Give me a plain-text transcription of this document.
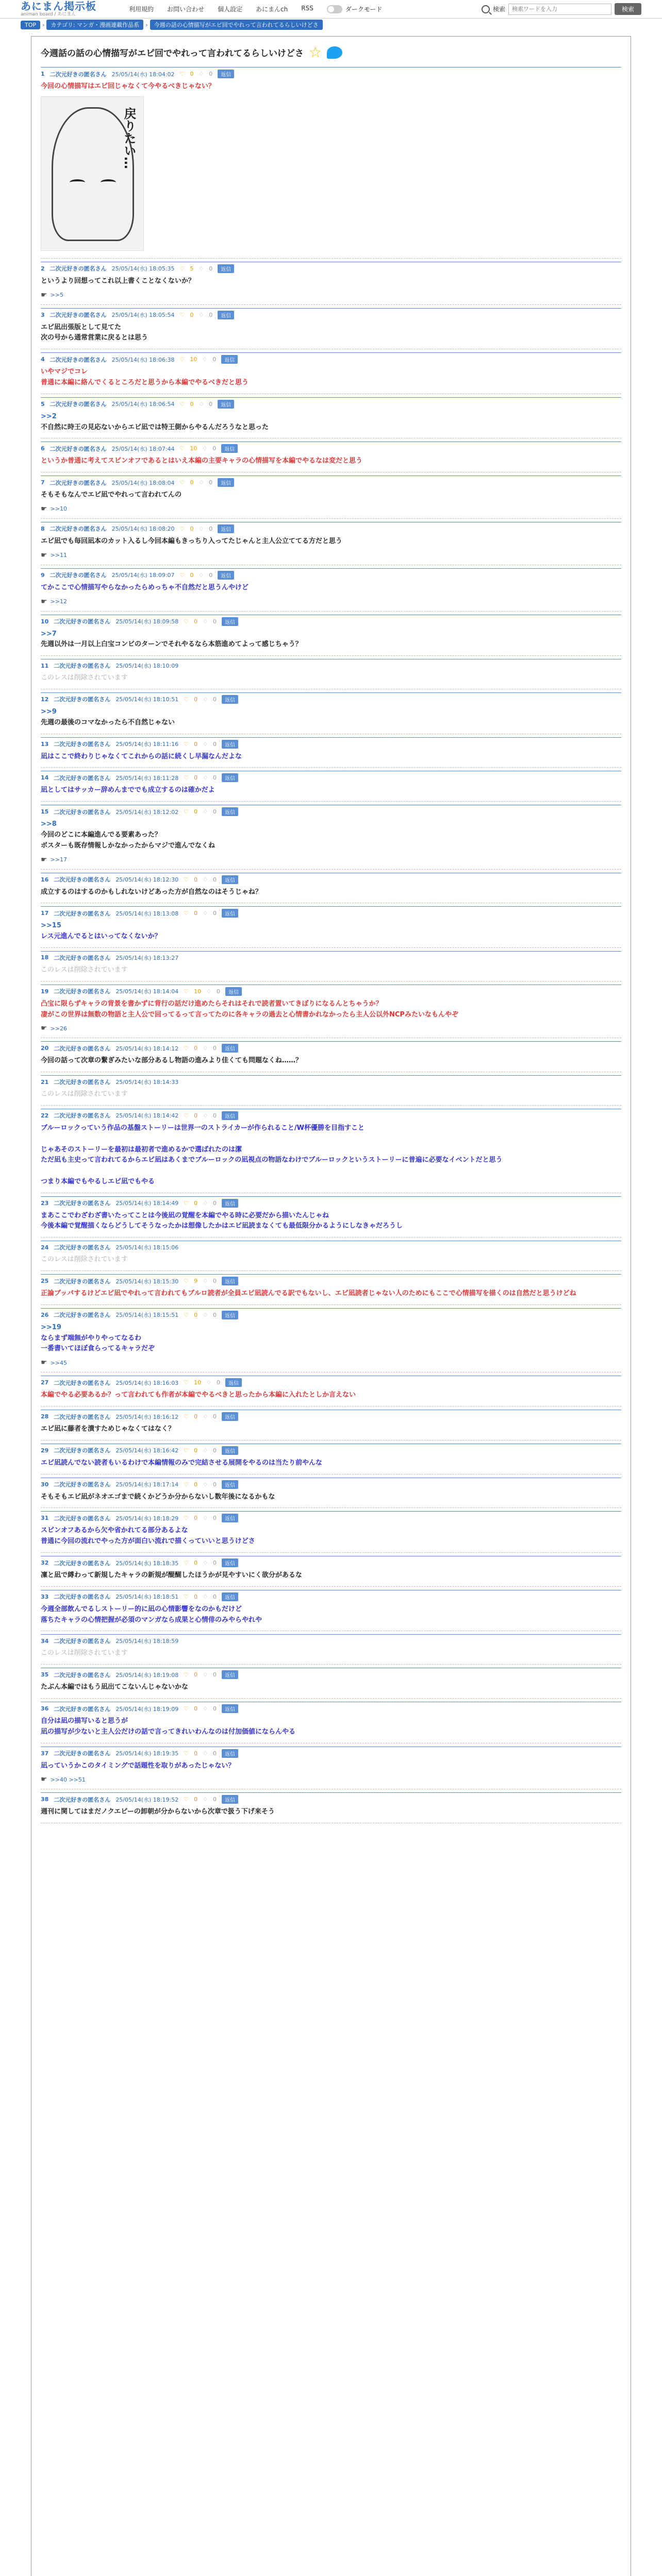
あにまん掲示板
animan board / あにまん
利用規約 お問い合わせ 個人設定 あにまんch RSS	ダークモード	検索
検索ワードを入力	検索
TOP	›	カテゴリ: マンガ・漫画連載作品系	›	今週の話の心情描写がエピ回でやれって言われてるらしいけどさ
今週話の話の心情描写がエピ回でやれって言われてるらしいけどさ ☆
1 二次元好きの匿名さん 25/05/14(水) 18:04:02 ♡ 0 ♢ 0	返信
今回の心情描写はエピ回じゃなくて今やるべきじゃない？
戻りたい…
2 二次元好きの匿名さん 25/05/14(水) 18:05:35 ♡ 5 ♢ 0	返信
というより回想ってこれ以上書くことなくないか？
☛ >>5
3 二次元好きの匿名さん 25/05/14(水) 18:05:54 ♡ 0 ♢ 0	返信
エピ凪出張版として見てた
次の号から通常営業に戻るとは思う
4 二次元好きの匿名さん 25/05/14(水) 18:06:38 ♡ 10 ♢ 0	返信
いやマジでコレ
普通に本編に絡んでくるところだと思うから本編でやるべきだと思う
5 二次元好きの匿名さん 25/05/14(水) 18:06:54 ♡ 0 ♢ 0	返信
>>2
不自然に時王の見応ないからエピ凪では特王側からやるんだろうなと思った
6 二次元好きの匿名さん 25/05/14(水) 18:07:44 ♡ 10 ♢ 0	返信
というか普通に考えてスピンオフであるとはいえ本編の主要キャラの心情描写を本編でやるなは変だと思う
7 二次元好きの匿名さん 25/05/14(水) 18:08:04 ♡ 0 ♢ 0	返信
そもそもなんでエピ凪でやれって言われてんの
☛ >>10
8 二次元好きの匿名さん 25/05/14(水) 18:08:20 ♡ 0 ♢ 0	返信
エピ凪でも毎回凪本のカット入るし今回本編もきっちり入ってたじゃんと主人公立ててる方だと思う
☛ >>11
9 二次元好きの匿名さん 25/05/14(水) 18:09:07 ♡ 0 ♢ 0	返信
てかここで心情描写やらなかったらめっちゃ不自然だと思うんやけど
☛ >>12
10 二次元好きの匿名さん 25/05/14(水) 18:09:58 ♡ 0 ♢ 0	返信
>>7
先週以外は一月以上白宝コンビのターンでそれやるなら本筋進めてよって感じちゃう？
11 二次元好きの匿名さん 25/05/14(水) 18:10:09
このレスは削除されています
12 二次元好きの匿名さん 25/05/14(水) 18:10:51 ♡ 0 ♢ 0	返信
>>9
先週の最後のコマなかったら不自然じゃない
13 二次元好きの匿名さん 25/05/14(水) 18:11:16 ♡ 0 ♢ 0	返信
凪はここで終わりじゃなくてこれからの話に続くし早漏なんだよな
14 二次元好きの匿名さん 25/05/14(水) 18:11:28 ♡ 0 ♢ 0	返信
凪としてはサッカー辞めんまででも成立するのは確かだよ
15 二次元好きの匿名さん 25/05/14(水) 18:12:02 ♡ 0 ♢ 0	返信
>>8
今回のどこに本編進んでる要素あった？
ボスターも既存情報しかなかったからマジで進んでなくね
☛ >>17
16 二次元好きの匿名さん 25/05/14(水) 18:12:30 ♡ 0 ♢ 0	返信
成立するのはするのかもしれないけどあった方が自然なのはそうじゃね？
17 二次元好きの匿名さん 25/05/14(水) 18:13:08 ♡ 0 ♢ 0	返信
>>15
レス元進んでるとはいってなくないか？
18 二次元好きの匿名さん 25/05/14(水) 18:13:27
このレスは削除されています
19 二次元好きの匿名さん 25/05/14(水) 18:14:04 ♡ 10 ♢ 0	返信
凸宝に限らずキャラの背景を書かずに背行の話だけ進めたらそれはそれで読者置いてきぼりになるんとちゃうか？
凄がこの世界は無数の物語と主人公で回ってるって言ってたのに各キャラの過去と心情書かれなかったら主人公以外NCPみたいなもんやぞ
☛ >>26
20 二次元好きの匿名さん 25/05/14(水) 18:14:12 ♡ 0 ♢ 0	返信
今回の話って次章の繋ぎみたいな部分あるし物語の進みより佳くても問題なくね……？
21 二次元好きの匿名さん 25/05/14(水) 18:14:33
このレスは削除されています
22 二次元好きの匿名さん 25/05/14(水) 18:14:42 ♡ 0 ♢ 0	返信
ブルーロックっていう作品の基盤ストーリーは世界一のストライカーが作られること/W杯優勝を目指すこと

じゃあそのストーリーを最初は最初者で進めるかで選ばれたのは潔
ただ凪も主史って言われてるからエピ凪はあくまでブルーロックの凪視点の物語なわけでブルーロックというストーリーに普遍に必要なイベントだと思う

つまり本編でもやるしエピ凪でもやる
23 二次元好きの匿名さん 25/05/14(水) 18:14:49 ♡ 0 ♢ 0	返信
まあここでわざわざ書いたってことは今後凪の覚醒を本編でやる時に必要だから描いたんじゃね
今後本編で覚醒描くならどうしてそうなったかは想像したかはエピ凪読まなくても最低限分かるようにしなきゃだろうし
24 二次元好きの匿名さん 25/05/14(水) 18:15:06
このレスは削除されています
25 二次元好きの匿名さん 25/05/14(水) 18:15:30 ♡ 9 ♢ 0	返信
正論ブッパするけどエピ凪でやれって言われてもブルロ読者が全員エピ凪読んでる訳でもないし、エピ凪読者じゃない人のためにもここで心情描写を描くのは自然だと思うけどね
26 二次元好きの匿名さん 25/05/14(水) 18:15:51 ♡ 0 ♢ 0	返信
>>19
ならまず端無がやりやってなるわ
一番書いてほぼ食らってるキャラだぞ
☛ >>45
27 二次元好きの匿名さん 25/05/14(水) 18:16:03 ♡ 10 ♢ 0	返信
本編でやる必要あるか？って言われても作者が本編でやるべきと思ったから本編に入れたとしか言えない
28 二次元好きの匿名さん 25/05/14(水) 18:16:12 ♡ 0 ♢ 0	返信
エピ凪に藤者を潰すためじゃなくてはなく？
29 二次元好きの匿名さん 25/05/14(水) 18:16:42 ♡ 0 ♢ 0	返信
エピ凪読んでない読者もいるわけで本編情報のみで完結させる展開をやるのは当たり前やんな
30 二次元好きの匿名さん 25/05/14(水) 18:17:14 ♡ 0 ♢ 0	返信
そもそもエピ凪がネオエゴまで続くかどうか分からないし数年後になるかもな
31 二次元好きの匿名さん 25/05/14(水) 18:18:29 ♡ 0 ♢ 0	返信
スピンオフあるから欠や省かれてる部分あるよな
普通に今回の流れでやった方が面白い流れで描くっていいと思うけどさ
32 二次元好きの匿名さん 25/05/14(水) 18:18:35 ♡ 0 ♢ 0	返信
凜と凪で縛わって新規したキャラの新規が醍醐したほうかが見やすいにく欲分があるな
33 二次元好きの匿名さん 25/05/14(水) 18:18:51 ♡ 0 ♢ 0	返信
今週全部飲んでるしストーリー的に凪の心情影響をなのかもだけど
落ちたキャラの心情把握が必須のマンガなら成果と心情俳のみやらやれや
34 二次元好きの匿名さん 25/05/14(水) 18:18:59
このレスは削除されています
35 二次元好きの匿名さん 25/05/14(水) 18:19:08 ♡ 0 ♢ 0	返信
たぶん本編ではもう凪出てこないんじゃないかな
36 二次元好きの匿名さん 25/05/14(水) 18:19:09 ♡ 0 ♢ 0	返信
自分は凪の描写いると思うが
凪の描写が少ないと主人公だけの話で言ってきれいわんなのは付加価値にならんやる
37 二次元好きの匿名さん 25/05/14(水) 18:19:35 ♡ 0 ♢ 0	返信
凪っていうかこのタイミングで話題性を取りがあったじゃない？
☛ >>40 >>51
38 二次元好きの匿名さん 25/05/14(水) 18:19:52 ♡ 0 ♢ 0	返信
週刊に関してはまだノクエピーの卸朝が分からないから次章で扱う下げ来そう
